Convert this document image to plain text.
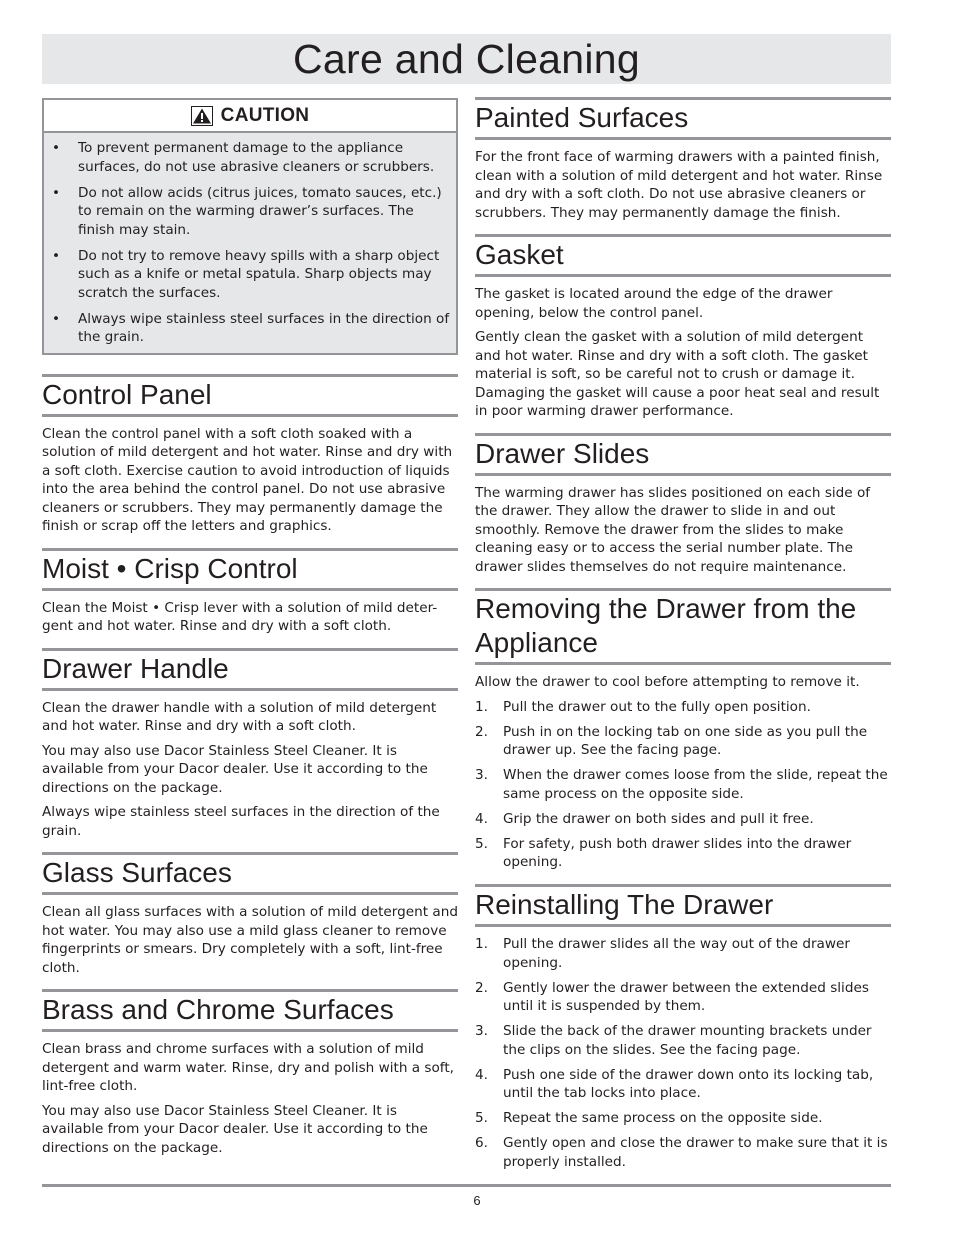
Care and Cleaning
CAUTION
• To prevent permanent damage to the appliance surfaces, do not use abrasive cleaners or scrubbers.
• Do not allow acids (citrus juices, tomato sauces, etc.) to remain on the warming drawer’s surfaces. The finish may stain.
• Do not try to remove heavy spills with a sharp object such as a knife or metal spatula. Sharp objects may scratch the surfaces.
• Always wipe stainless steel surfaces in the direction of the grain.
Control Panel

Clean the control panel with a soft cloth soaked with a solution of mild detergent and hot water. Rinse and dry with a soft cloth. Exercise caution to avoid introduction of liquids into the area behind the control panel. Do not use abrasive cleaners or scrubbers. They may permanently damage the finish or scrap off the letters and graphics.

Moist • Crisp Control

Clean the Moist • Crisp lever with a solution of mild deter-gent and hot water. Rinse and dry with a soft cloth.

Drawer Handle

Clean the drawer handle with a solution of mild detergent and hot water. Rinse and dry with a soft cloth.

You may also use Dacor Stainless Steel Cleaner. It is available from your Dacor dealer. Use it according to the directions on the package.

Always wipe stainless steel surfaces in the direction of the grain.

Glass Surfaces

Clean all glass surfaces with a solution of mild detergent and hot water. You may also use a mild glass cleaner to remove fingerprints or smears. Dry completely with a soft, lint-free cloth.

Brass and Chrome Surfaces

Clean brass and chrome surfaces with a solution of mild detergent and warm water. Rinse, dry and polish with a soft, lint-free cloth.

You may also use Dacor Stainless Steel Cleaner. It is available from your Dacor dealer. Use it according to the directions on the package.

Painted Surfaces

For the front face of warming drawers with a painted finish, clean with a solution of mild detergent and hot water. Rinse and dry with a soft cloth. Do not use abrasive cleaners or scrubbers. They may permanently damage the finish.

Gasket

The gasket is located around the edge of the drawer opening, below the control panel.

Gently clean the gasket with a solution of mild detergent and hot water. Rinse and dry with a soft cloth. The gasket material is soft, so be careful not to crush or damage it. Damaging the gasket will cause a poor heat seal and result in poor warming drawer performance.

Drawer Slides

The warming drawer has slides positioned on each side of the drawer. They allow the drawer to slide in and out smoothly. Remove the drawer from the slides to make cleaning easy or to access the serial number plate. The drawer slides themselves do not require maintenance.

Removing the Drawer from the Appliance

Allow the drawer to cool before attempting to remove it.

1. Pull the drawer out to the fully open position.
2. Push in on the locking tab on one side as you pull the drawer up. See the facing page.
3. When the drawer comes loose from the slide, repeat the same process on the opposite side.
4. Grip the drawer on both sides and pull it free.
5. For safety, push both drawer slides into the drawer opening.
Reinstalling The Drawer
1. Pull the drawer slides all the way out of the drawer opening.
2. Gently lower the drawer between the extended slides until it is suspended by them.
3. Slide the back of the drawer mounting brackets under the clips on the slides. See the facing page.
4. Push one side of the drawer down onto its locking tab, until the tab locks into place.
5. Repeat the same process on the opposite side.
6. Gently open and close the drawer to make sure that it is properly installed.
6
